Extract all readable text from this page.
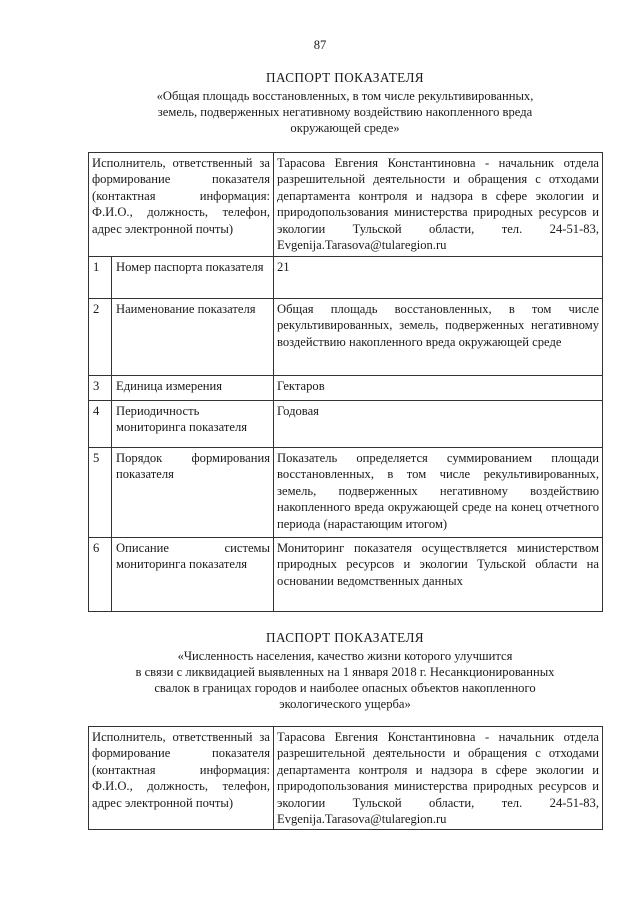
87
ПАСПОРТ ПОКАЗАТЕЛЯ
«Общая площадь восстановленных, в том числе рекультивированных,
земель, подверженных негативному воздействию накопленного вреда
окружающей среде»
Исполнитель, ответственный за формирование показателя (контактная информация: Ф.И.О., должность, телефон, адрес электронной почты)		Тарасова Евгения Константиновна - начальник отдела разрешительной деятельности и обращения с отходами департамента контроля и надзора в сфере экологии и природопользования министерства природных ресурсов и экологии Тульской области, тел. 24-51-83, Evgenija.Tarasova@tularegion.ru
1	Номер паспорта показателя	21
2	Наименование показателя	Общая площадь восстановленных, в том числе рекультивированных, земель, подверженных негативному воздействию накопленного вреда окружающей среде
3	Единица измерения	Гектаров
4	Периодичность мониторинга показателя	Годовая
5	Порядок формирования показателя	Показатель определяется суммированием площади восстановленных, в том числе рекультивированных, земель, подверженных негативному воздействию накопленного вреда окружающей среде на конец отчетного периода (нарастающим итогом)
6	Описание системы мониторинга показателя	Мониторинг показателя осуществляется министерством природных ресурсов и экологии Тульской области на основании ведомственных данных
ПАСПОРТ ПОКАЗАТЕЛЯ
«Численность населения, качество жизни которого улучшится
в связи с ликвидацией выявленных на 1 января 2018 г. Несанкционированных
свалок в границах городов и наиболее опасных объектов накопленного
экологического ущерба»
Исполнитель, ответственный за формирование показателя (контактная информация: Ф.И.О., должность, телефон, адрес электронной почты)	Тарасова Евгения Константиновна - начальник отдела разрешительной деятельности и обращения с отходами департамента контроля и надзора в сфере экологии и природопользования министерства природных ресурсов и экологии Тульской области, тел. 24-51-83, Evgenija.Tarasova@tularegion.ru
